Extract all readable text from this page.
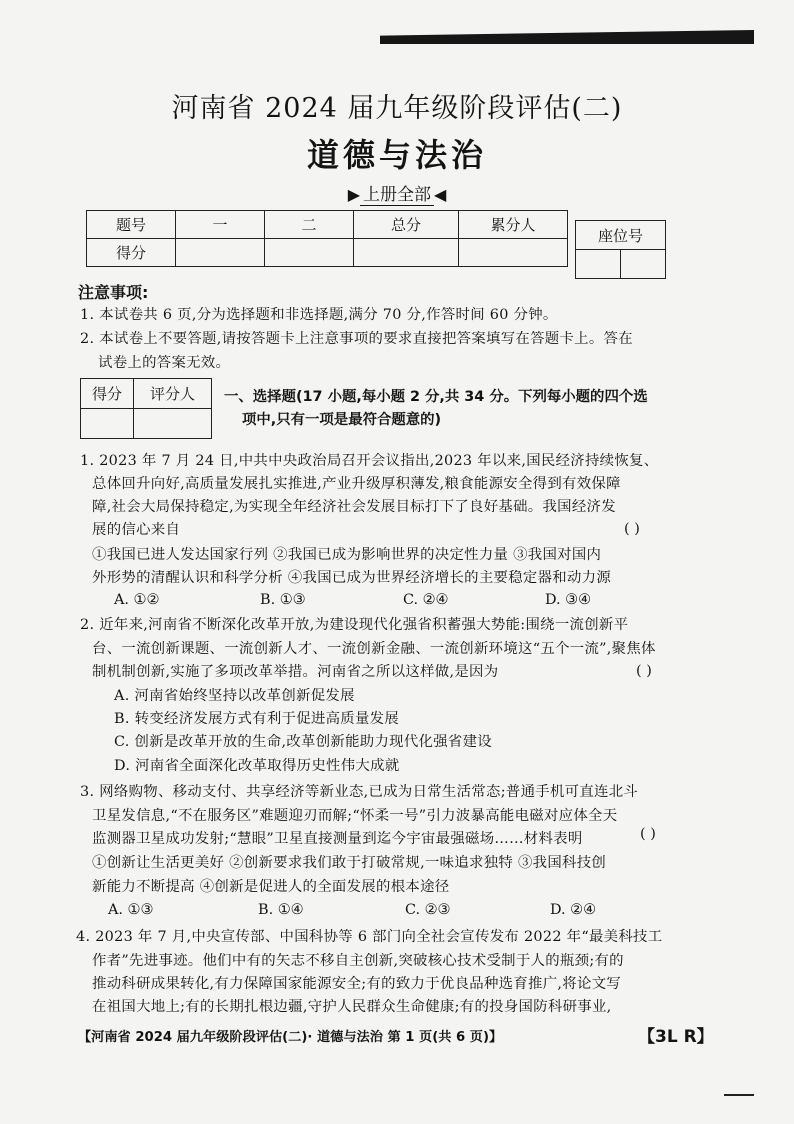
河南省 2024 届九年级阶段评估(二)
道德与法治
▶ 上册全部 ◀
题号	一	二	总分	累分人
得分				
座位号

注意事项:
1. 本试卷共 6 页,分为选择题和非选择题,满分 70 分,作答时间 60 分钟。
2. 本试卷上不要答题,请按答题卡上注意事项的要求直接把答案填写在答题卡上。答在
试卷上的答案无效。
得分	评分人
	一、选择题(17 小题,每小题 2 分,共 34 分。下列每小题的四个选
项中,只有一项是最符合题意的)
1. 2023 年 7 月 24 日,中共中央政治局召开会议指出,2023 年以来,国民经济持续恢复、
总体回升向好,高质量发展扎实推进,产业升级厚积薄发,粮食能源安全得到有效保障
障,社会大局保持稳定,为实现全年经济社会发展目标打下了良好基础。我国经济发
展的信心来自	( )
①我国已进人发达国家行列 ②我国已成为影响世界的决定性力量 ③我国对国内
外形势的清醒认识和科学分析 ④我国已成为世界经济增长的主要稳定器和动力源
A. ①②	B. ①③	C. ②④	D. ③④
2. 近年来,河南省不断深化改革开放,为建设现代化强省积蓄强大势能:围绕一流创新平
台、一流创新课题、一流创新人才、一流创新金融、一流创新环境这“五个一流”,聚焦体
制机制创新,实施了多项改革举措。河南省之所以这样做,是因为	( )
A. 河南省始终坚持以改革创新促发展
B. 转变经济发展方式有利于促进高质量发展
C. 创新是改革开放的生命,改革创新能助力现代化强省建设
D. 河南省全面深化改革取得历史性伟大成就
3. 网络购物、移动支付、共享经济等新业态,已成为日常生活常态;普通手机可直连北斗
卫星发信息,“不在服务区”难题迎刃而解;“怀柔一号”引力波暴高能电磁对应体全天
监测器卫星成功发射;“慧眼”卫星直接测量到迄今宇宙最强磁场……材料表明	( )
①创新让生活更美好 ②创新要求我们敢于打破常规,一味追求独特 ③我国科技创
新能力不断提高 ④创新是促进人的全面发展的根本途径
A. ①③	B. ①④	C. ②③	D. ②④
4. 2023 年 7 月,中央宣传部、中国科协等 6 部门向全社会宣传发布 2022 年“最美科技工
作者”先进事迹。他们中有的矢志不移自主创新,突破核心技术受制于人的瓶颈;有的
推动科研成果转化,有力保障国家能源安全;有的致力于优良品种选育推广,将论文写
在祖国大地上;有的长期扎根边疆,守护人民群众生命健康;有的投身国防科研事业,
【河南省 2024 届九年级阶段评估(二)· 道德与法治 第 1 页(共 6 页)】	【3L R】
